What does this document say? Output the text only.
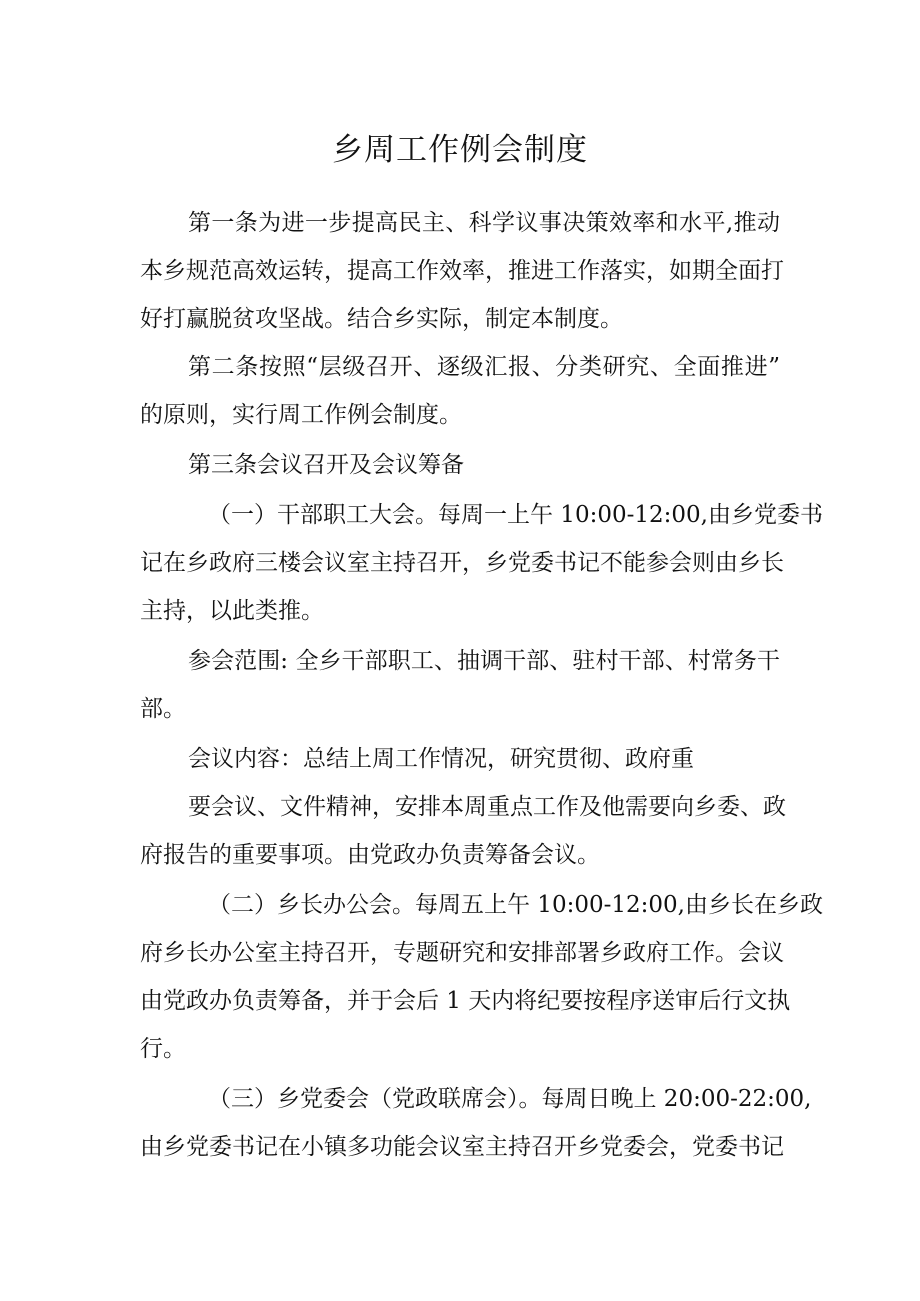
乡周工作例会制度
第一条为进一步提高民主、科学议事决策效率和水平,推动
本乡规范高效运转，提高工作效率，推进工作落实，如期全面打
好打赢脱贫攻坚战。结合乡实际，制定本制度。
第二条按照“层级召开、逐级汇报、分类研究、全面推进”
的原则，实行周工作例会制度。
第三条会议召开及会议筹备
（一）干部职工大会。每周一上午 10:00-12:00,由乡党委书
记在乡政府三楼会议室主持召开，乡党委书记不能参会则由乡长
主持，以此类推。
参会范围: 全乡干部职工、抽调干部、驻村干部、村常务干
部。
会议内容：总结上周工作情况，研究贯彻、政府重
要会议、文件精神，安排本周重点工作及他需要向乡委、政
府报告的重要事项。由党政办负责筹备会议。
（二）乡长办公会。每周五上午 10:00-12:00,由乡长在乡政
府乡长办公室主持召开，专题研究和安排部署乡政府工作。会议
由党政办负责筹备，并于会后 1 天内将纪要按程序送审后行文执
行。
（三）乡党委会（党政联席会）。每周日晚上 20:00-22:00,
由乡党委书记在小镇多功能会议室主持召开乡党委会，党委书记
